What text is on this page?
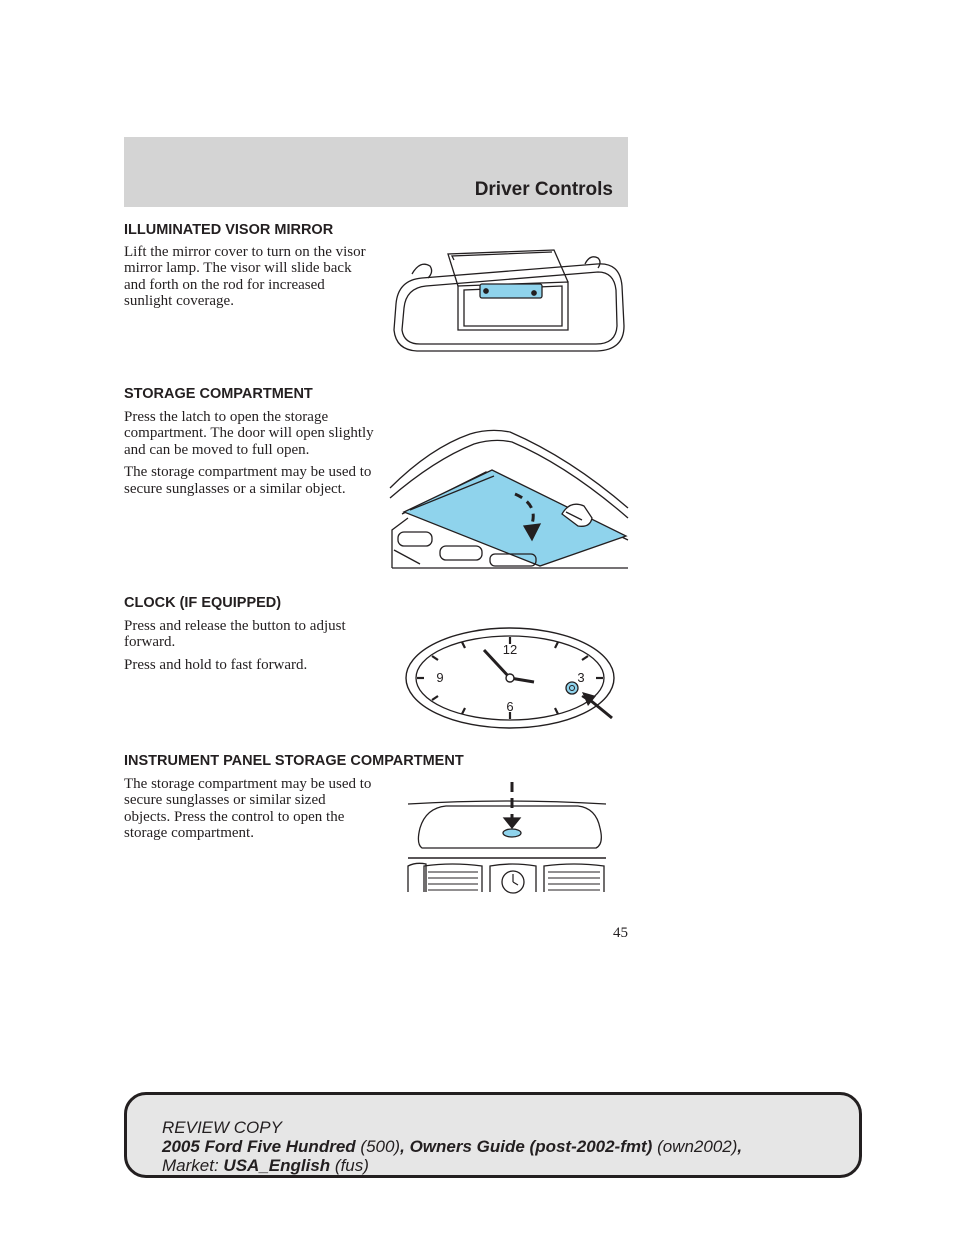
Driver Controls
ILLUMINATED VISOR MIRROR

Lift the mirror cover to turn on the visor mirror lamp. The visor will slide back and forth on the rod for increased sunlight coverage.

STORAGE COMPARTMENT

Press the latch to open the storage compartment. The door will open slightly and can be moved to full open.

The storage compartment may be used to secure sunglasses or a similar object.

CLOCK (IF EQUIPPED)

Press and release the button to adjust forward.

Press and hold to fast forward.

12
3
6
9
INSTRUMENT PANEL STORAGE COMPARTMENT

The storage compartment may be used to secure sunglasses or similar sized objects. Press the control to open the storage compartment.

45
REVIEW COPY
2005 Ford Five Hundred (500), Owners Guide (post-2002-fmt) (own2002),
Market: USA_English (fus)
